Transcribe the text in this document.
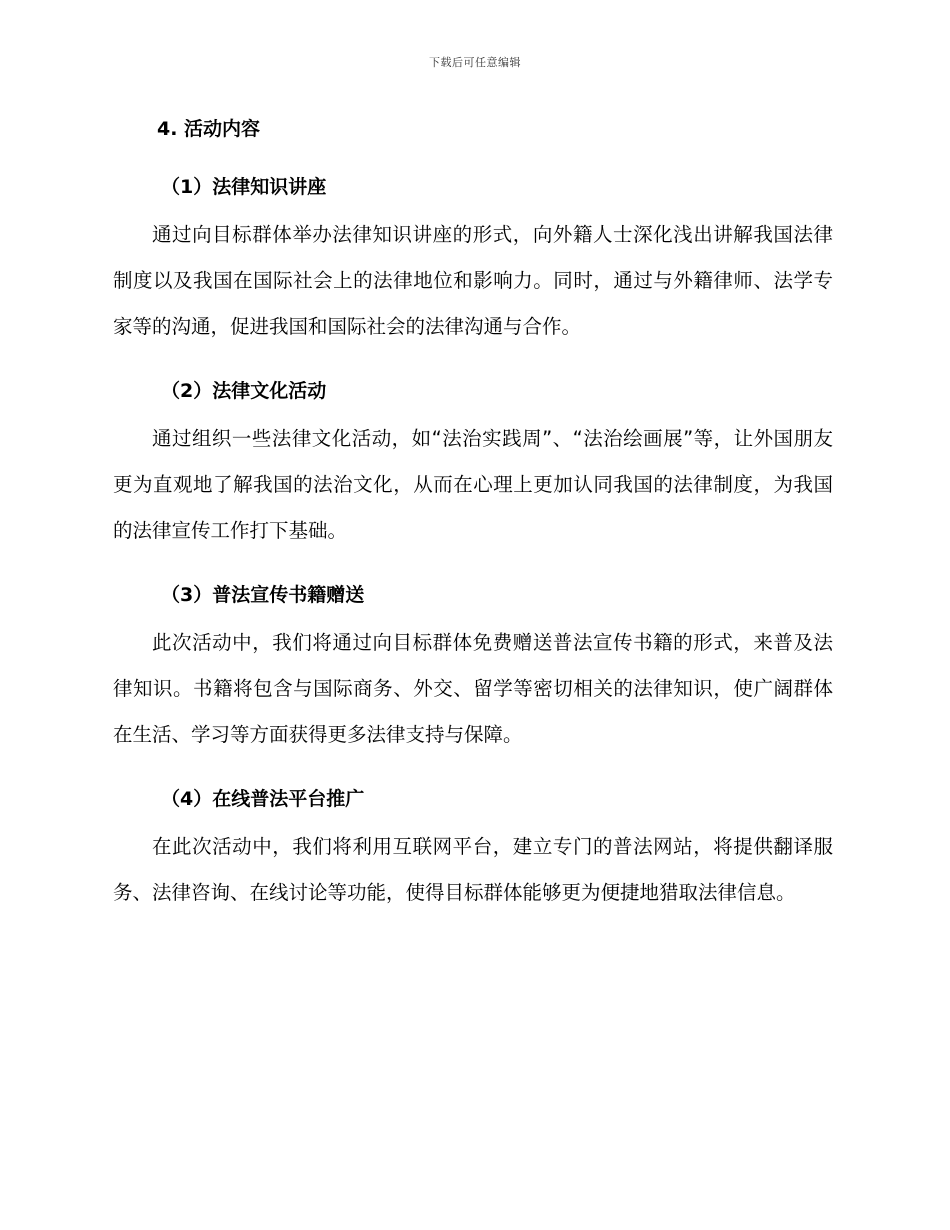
下载后可任意编辑
4. 活动内容
（1）法律知识讲座

通过向目标群体举办法律知识讲座的形式，向外籍人士深化浅出讲解我国法律制度以及我国在国际社会上的法律地位和影响力。同时，通过与外籍律师、法学专家等的沟通，促进我国和国际社会的法律沟通与合作。

（2）法律文化活动

通过组织一些法律文化活动，如“法治实践周”、“法治绘画展”等，让外国朋友更为直观地了解我国的法治文化，从而在心理上更加认同我国的法律制度，为我国的法律宣传工作打下基础。

（3）普法宣传书籍赠送

此次活动中，我们将通过向目标群体免费赠送普法宣传书籍的形式，来普及法律知识。书籍将包含与国际商务、外交、留学等密切相关的法律知识，使广阔群体在生活、学习等方面获得更多法律支持与保障。

（4）在线普法平台推广

在此次活动中，我们将利用互联网平台，建立专门的普法网站，将提供翻译服务、法律咨询、在线讨论等功能，使得目标群体能够更为便捷地猎取法律信息。
